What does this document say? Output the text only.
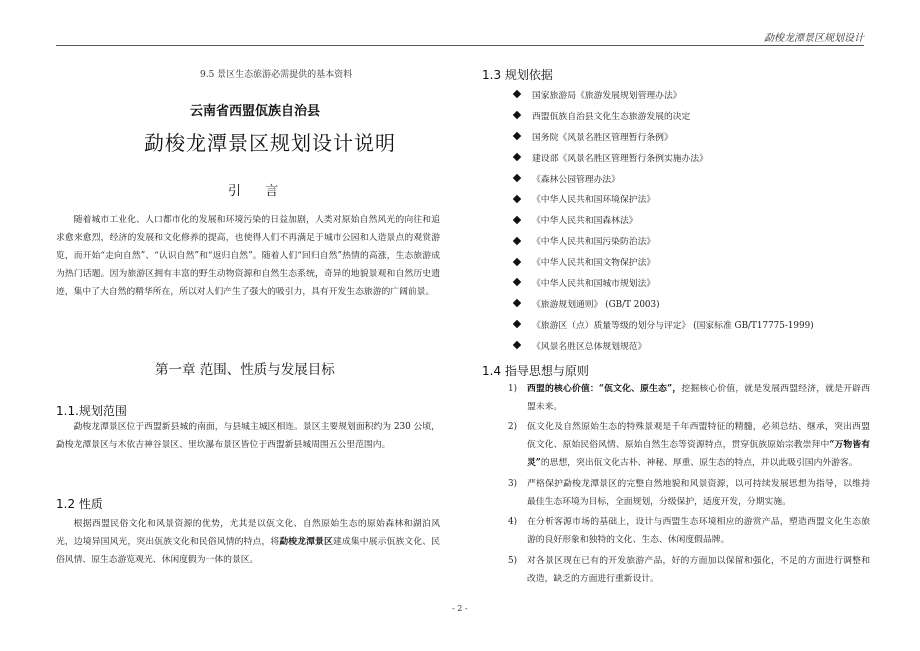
勐梭龙潭景区规划设计
9.5 景区生态旅游必需提供的基本资料
云南省西盟佤族自治县
勐梭龙潭景区规划设计说明
引 言
随着城市工业化、人口都市化的发展和环境污染的日益加剧，人类对原始自然风光的向往和追求愈来愈烈，经济的发展和文化修养的提高，也使得人们不再满足于城市公园和人造景点的观赏游览，而开始“走向自然”、“认识自然”和“返归自然”。随着人们“回归自然”热情的高涨，生态旅游成为热门话题。因为旅游区拥有丰富的野生动物资源和自然生态系统，奇异的地貌景观和自然历史遗迹，集中了大自然的精华所在，所以对人们产生了强大的吸引力，具有开发生态旅游的广阔前景。
第一章 范围、性质与发展目标
1.1.规划范围
勐梭龙潭景区位于西盟新县城的南面，与县城主城区相连。景区主要规划面积约为 230 公顷，勐梭龙潭景区与木依吉神谷景区、里坎瀑布景区皆位于西盟新县城周围五公里范围内。
1.2 性质
根据西盟民俗文化和风景资源的优势，尤其是以佤文化、自然原始生态的原始森林和湖泊风光，边境异国风光，突出佤族文化和民俗风情的特点，将勐梭龙潭景区建成集中展示佤族文化、民俗风情、原生态游览观光、休闲度假为一体的景区。
1.3 规划依据
国家旅游局《旅游发展规划管理办法》
西盟佤族自治县文化生态旅游发展的决定
国务院《风景名胜区管理暂行条例》
建设部《风景名胜区管理暂行条例实施办法》
《森林公园管理办法》
《中华人民共和国环境保护法》
《中华人民共和国森林法》
《中华人民共和国污染防治法》
《中华人民共和国文物保护法》
《中华人民共和国城市规划法》
《旅游规划通则》 (GB/T 2003)
《旅游区（点）质量等级的划分与评定》 (国家标准 GB/T17775-1999)
《风景名胜区总体规划规范》
1.4 指导思想与原则
1)	西盟的核心价值：“佤文化、原生态”，挖掘核心价值，就是发展西盟经济，就是开辟西盟未来。
2)	佤文化及自然原始生态的特殊景观是千年西盟特征的精髓，必须总结、继承，突出西盟佤文化、原始民俗风情、原始自然生态等资源特点，贯穿佤族原始宗教崇拜中“万物皆有灵”的思想，突出佤文化古朴、神秘、厚重、原生态的特点，并以此吸引国内外游客。
3)	严格保护勐梭龙潭景区的完整自然地貌和风景资源，以可持续发展思想为指导，以维持最佳生态环境为目标，全面规划，分级保护，适度开发，分期实施。
4)	在分析客源市场的基础上，设计与西盟生态环境相应的游赏产品，塑造西盟文化生态旅游的良好形象和独特的文化、生态、休闲度假品牌。
5)	对各景区现在已有的开发旅游产品，好的方面加以保留和强化，不足的方面进行调整和改造，缺乏的方面进行重新设计。
- 2 -
